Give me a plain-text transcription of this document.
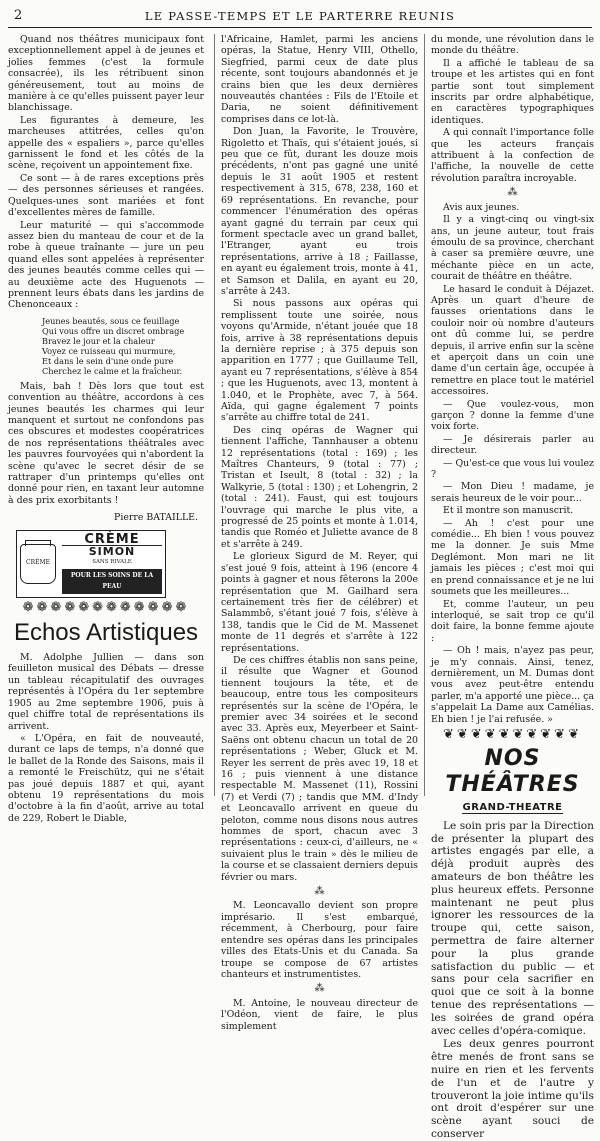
2	LE PASSE-TEMPS ET LE PARTERRE REUNIS

Quand nos théâtres municipaux font exceptionnellement appel à de jeunes et jolies femmes (c'est la formule consacrée), ils les rétribuent sinon généreusement, tout au moins de manière à ce qu'elles puissent payer leur blanchissage.

Les figurantes à demeure, les marcheuses attitrées, celles qu'on appelle des « espaliers », parce qu'elles garnissent le fond et les côtés de la scène, reçoivent un appointement fixe.

Ce sont — à de rares exceptions près — des personnes sérieuses et rangées. Quelques-unes sont mariées et font d'excellentes mères de famille.

Leur maturité — qui s'accommode assez bien du manteau de cour et de la robe à queue traînante — jure un peu quand elles sont appelées à représenter des jeunes beautés comme celles qui — au deuxième acte des Huguenots — prennent leurs ébats dans les jardins de Chenonceaux :

Jeunes beautés, sous ce feuillage
Qui vous offre un discret ombrage
Bravez le jour et la chaleur
Voyez ce ruisseau qui murmure,
Et dans le sein d'une onde pure
Cherchez le calme et la fraîcheur.

Mais, bah ! Dès lors que tout est convention au théâtre, accordons à ces jeunes beautés les charmes qui leur manquent et surtout ne confondons pas ces obscures et modestes coopératrices de nos représentations théâtrales avec les pauvres fourvoyées qui n'abordent la scène qu'avec le secret désir de se rattraper d'un printemps qu'elles ont donné pour rien, en taxant leur automne à des prix exorbitants !

Pierre BATAILLE.
CRÈME
CRÈME
SIMON
SANS RIVALE
POUR LES SOINS DE LA PEAU
❁❁❁❁❁❁❁❁❁❁❁❁
Echos Artistiques

M. Adolphe Jullien — dans son feuilleton musical des Débats — dresse un tableau récapitulatif des ouvrages représentés à l'Opéra du 1er septembre 1905 au 2me septembre 1906, puis à quel chiffre total de représentations ils arrivent.

« L'Opéra, en fait de nouveauté, durant ce laps de temps, n'a donné que le ballet de la Ronde des Saisons, mais il a remonté le Freischütz, qui ne s'était pas joué depuis 1887 et qui, ayant obtenu 19 représentations du mois d'octobre à la fin d'août, arrive au total de 229, Robert le Diable,

l'Africaine, Hamlet, parmi les anciens opéras, la Statue, Henry VIII, Othello, Siegfried, parmi ceux de date plus récente, sont toujours abandonnés et je crains bien que les deux dernières nouveautés chantées : Fils de l'Etoile et Daria, ne soient définitivement comprises dans ce lot-là.

Don Juan, la Favorite, le Trouvère, Rigoletto et Thaïs, qui s'étaient joués, si peu que ce fût, durant les douze mois précédents, n'ont pas gagné une unité depuis le 31 août 1905 et restent respectivement à 315, 678, 238, 160 et 69 représentations. En revanche, pour commencer l'énumération des opéras ayant gagné du terrain par ceux qui forment spectacle avec un grand ballet, l'Etranger, ayant eu trois représentations, arrive à 18 ; Faillasse, en ayant eu également trois, monte à 41, et Samson et Dalila, en ayant eu 20, s'arrête à 243.

Si nous passons aux opéras qui remplissent toute une soirée, nous voyons qu'Armide, n'étant jouée que 18 fois, arrive à 38 représentations depuis la dernière reprise ; à 375 depuis son apparition en 1777 ; que Guillaume Tell, ayant eu 7 représentations, s'élève à 854 ; que les Huguenots, avec 13, montent à 1.040, et le Prophète, avec 7, à 564. Aïda, qui gagne également 7 points s'arrête au chiffre total de 241.

Des cinq opéras de Wagner qui tiennent l'affiche, Tannhauser a obtenu 12 représentations (total : 169) ; les Maîtres Chanteurs, 9 (total : 77) ; Tristan et Iseult, 8 (total : 32) ; la Walkyrie, 5 (total : 130) ; et Lohengrin, 2 (total : 241). Faust, qui est toujours l'ouvrage qui marche le plus vite, a progressé de 25 points et monte à 1.014, tandis que Roméo et Juliette avance de 8 et s'arrête à 249.

Le glorieux Sigurd de M. Reyer, qui s'est joué 9 fois, atteint à 196 (encore 4 points à gagner et nous fêterons la 200e représentation que M. Gailhard sera certainement très fier de célébrer) et Salammbô, s'étant joué 7 fois, s'élève à 138, tandis que le Cid de M. Massenet monte de 11 degrés et s'arrête à 122 représentations.

De ces chiffres établis non sans peine, il résulte que Wagner et Gounod tiennent toujours la tête, et de beaucoup, entre tous les compositeurs représentés sur la scène de l'Opéra, le premier avec 34 soirées et le second avec 33. Après eux, Meyerbeer et Saint-Saëns ont obtenu chacun un total de 20 représentations ; Weber, Gluck et M. Reyer les serrent de près avec 19, 18 et 16 ; puis viennent à une distance respectable M. Massenet (11), Rossini (7) et Verdi (7) ; tandis que MM. d'Indy et Leoncavallo arrivent en queue du peloton, comme nous disons nous autres hommes de sport, chacun avec 3 représentations : ceux-ci, d'ailleurs, ne « suivaient plus le train » dès le milieu de la course et se classaient derniers depuis février ou mars.

⁂

M. Leoncavallo devient son propre imprésario. Il s'est embarqué, récemment, à Cherbourg, pour faire entendre ses opéras dans les principales villes des Etats-Unis et du Canada. Sa troupe se compose de 67 artistes chanteurs et instrumentistes.

⁂

M. Antoine, le nouveau directeur de l'Odéon, vient de faire, le plus simplement

du monde, une révolution dans le monde du théâtre.

Il a affiché le tableau de sa troupe et les artistes qui en font partie sont tout simplement inscrits par ordre alphabétique, en caractères typographiques identiques.

A qui connaît l'importance folle que les acteurs français attribuent à la confection de l'affiche, la nouvelle de cette révolution paraîtra incroyable.

⁂

Avis aux jeunes.

Il y a vingt-cinq ou vingt-six ans, un jeune auteur, tout frais émoulu de sa province, cherchant à caser sa première œuvre, une méchante pièce en un acte, courait de théâtre en théâtre.

Le hasard le conduit à Déjazet. Après un quart d'heure de fausses orientations dans le couloir noir où nombre d'auteurs ont dû comme lui, se perdre depuis, il arrive enfin sur la scène et aperçoit dans un coin une dame d'un certain âge, occupée à remettre en place tout le matériel accessoires.

— Que voulez-vous, mon garçon ? donne la femme d'une voix forte.

— Je désirerais parler au directeur.

— Qu'est-ce que vous lui voulez ?

— Mon Dieu ! madame, je serais heureux de le voir pour...

Et il montre son manuscrit.

— Ah ! c'est pour une comédie... Eh bien ! vous pouvez me la donner. Je suis Mme Deglémont. Mon mari ne lit jamais les pièces ; c'est moi qui en prend connaissance et je ne lui soumets que les meilleures...

Et, comme l'auteur, un peu interloqué, se sait trop ce qu'il doit faire, la bonne femme ajoute :

— Oh ! mais, n'ayez pas peur, je m'y connais. Ainsi, tenez, dernièrement, un M. Dumas dont vous avez peut-être entendu parler, m'a apporté une pièce... ça s'appelait La Dame aux Camélias. Eh bien ! je l'ai refusée. »

❦❦❦❦❦❦❦❦❦❦
NOS THÉÂTRES
GRAND-THEATRE

Le soin pris par la Direction de présenter la plupart des artistes engagés par elle, a déjà produit auprès des amateurs de bon théâtre les plus heureux effets. Personne maintenant ne peut plus ignorer les ressources de la troupe qui, cette saison, permettra de faire alterner pour la plus grande satisfaction du public — et sans pour cela sacrifier en quoi que ce soit à la bonne tenue des représentations — les soirées de grand opéra avec celles d'opéra-comique.

Les deux genres pourront être menés de front sans se nuire en rien et les fervents de l'un et de l'autre y trouveront la joie intime qu'ils ont droit d'espérer sur une scène ayant souci de conserver
